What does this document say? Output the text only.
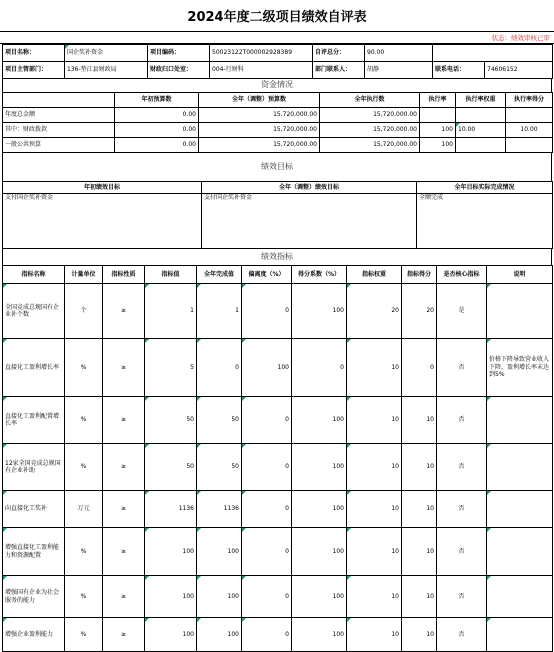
2024年度二级项目绩效自评表
状态：绩效审核已审
项目名称：	国企奖补资金	项目编码：	50023122T000002928389	自评总分：	90.00		
项目主管部门：	136-垫江县财政局	财政归口处室：	004-行财科	部门联系人：	胡静	联系电话：	74606152
资金情况
	年初预算数	全年（调整）预算数	全年执行数	执行率	执行率权重	执行率得分
年度总金额	0.00	15,720,000.00	15,720,000.00			
其中：财政拨款	0.00	15,720,000.00	15,720,000.00	100	10.00	10.00
一般公共预算	0.00	15,720,000.00	15,720,000.00	100		
绩效目标
年初绩效目标	全年（调整）绩效目标	全年目标实际完成情况
支付国企奖补资金	支付国企奖补资金	全额完成
绩效指标
指标名称	计量单位	指标性质	指标值	全年完成值	偏离度（%）	得分系数（%）	指标权重	指标得分	是否核心指标	说明
全国竞成总规国有企业补个数	个	≥	1	1	0	100	20	20	是	
直接化工盈利增长率	%	≥	5	0	100	0	10	0	否	价格下降导致营业收入下降，盈利增长率未达到5%
直接化工盈利配置增长率	%	≥	50	50	0	100	10	10	否	
12家全国竞成总规国有企业补助	%	≥	50	50	0	100	10	10	否	
向直接化工奖补	万元	≥	1136	1136	0	100	10	10	否	
增强直接化工盈利能力和资源配置	%	≥	100	100	0	100	10	10	否	
增强国有企业为社会服务的能力	%	≥	100	100	0	100	10	10	否	
增强企业盈利能力	%	≥	100	100	0	100	10	10	否	
